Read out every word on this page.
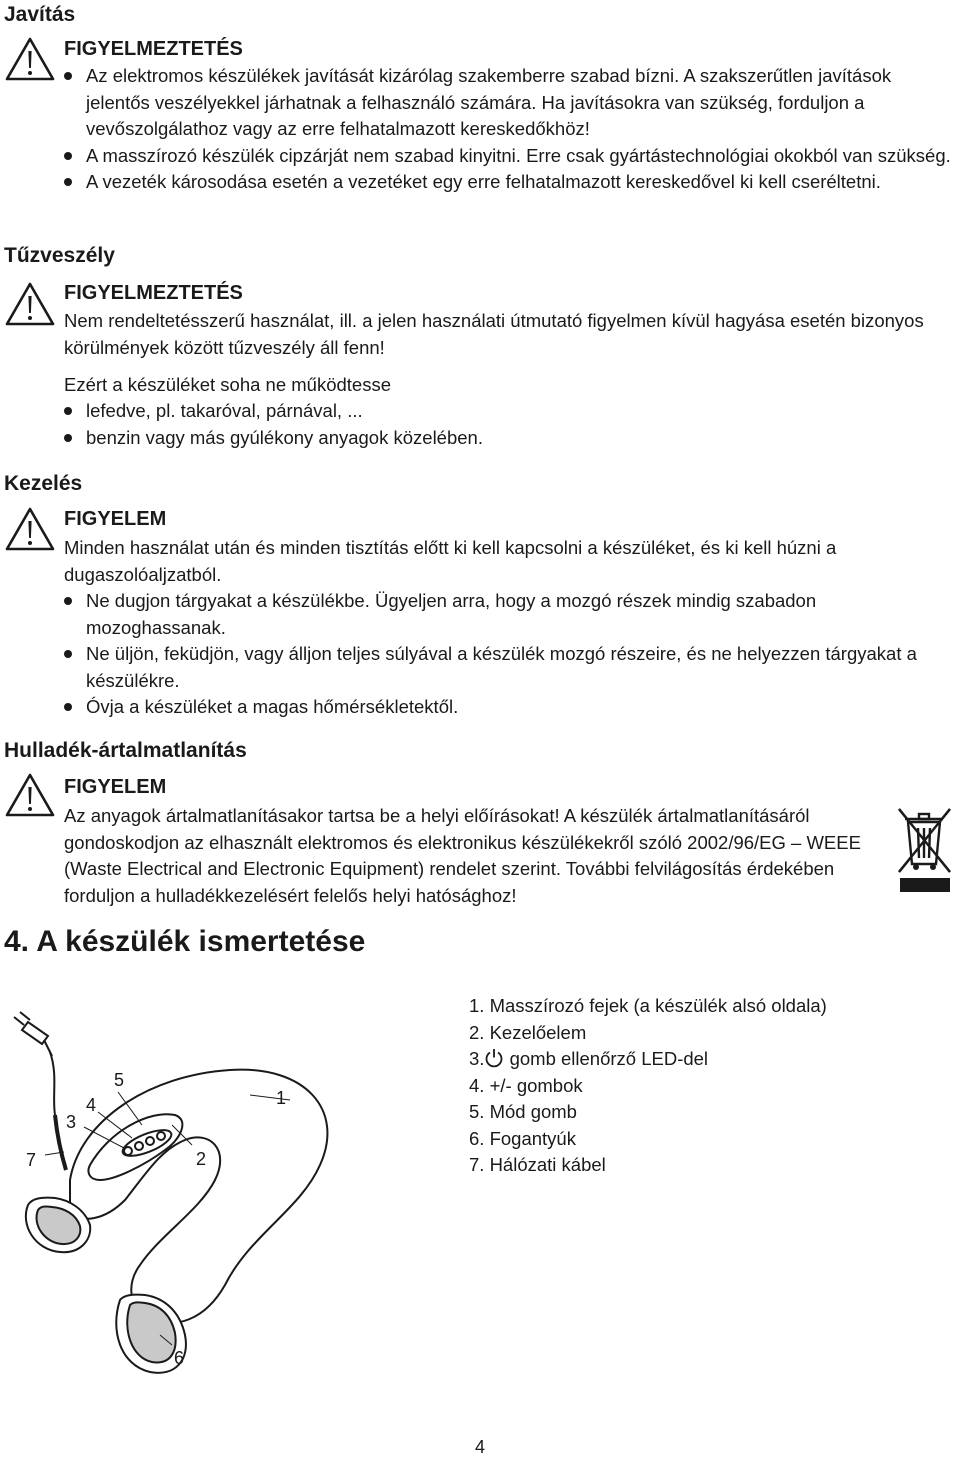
Javítás
FIGYELMEZTETÉS
Az elektromos készülékek javítását kizárólag szakemberre szabad bízni. A szakszerűtlen javítások jelentős veszélyekkel járhatnak a felhasználó számára. Ha javításokra van szükség, forduljon a vevőszolgálathoz vagy az erre felhatalmazott kereskedőkhöz!
A masszírozó készülék cipzárját nem szabad kinyitni. Erre csak gyártástechnológiai okokból van szükség.
A vezeték károsodása esetén a vezetéket egy erre felhatalmazott kereskedővel ki kell cseréltetni.
Tűzveszély
FIGYELMEZTETÉS
Nem rendeltetésszerű használat, ill. a jelen használati útmutató figyelmen kívül hagyása esetén bizonyos körülmények között tűzveszély áll fenn!
Ezért a készüléket soha ne működtesse
lefedve, pl. takaróval, párnával, ...
benzin vagy más gyúlékony anyagok közelében.
Kezelés
FIGYELEM
Minden használat után és minden tisztítás előtt ki kell kapcsolni a készüléket, és ki kell húzni a dugaszolóaljzatból.
Ne dugjon tárgyakat a készülékbe. Ügyeljen arra, hogy a mozgó részek mindig szabadon mozoghassanak.
Ne üljön, feküdjön, vagy álljon teljes súlyával a készülék mozgó részeire, és ne helyezzen tárgyakat a készülékre.
Óvja a készüléket a magas hőmérsékletektől.
Hulladék-ártalmatlanítás
FIGYELEM
Az anyagok ártalmatlanításakor tartsa be a helyi előírásokat! A készülék ártalmatlanításáról gondoskodjon az elhasznált elektromos és elektronikus készülékekről szóló 2002/96/EG – WEEE (Waste Electrical and Electronic Equipment) rendelet szerint. További felvilágosítás érdekében forduljon a hulladékkezelésért felelős helyi hatósághoz!
4. A készülék ismertetése
1. Masszírozó fejek (a készülék alsó oldala)
2. Kezelőelem
3. gomb ellenőrző LED-del
4. +/- gombok
5. Mód gomb
6. Fogantyúk
7. Hálózati kábel
1
2
3
4
5
6
7
4
